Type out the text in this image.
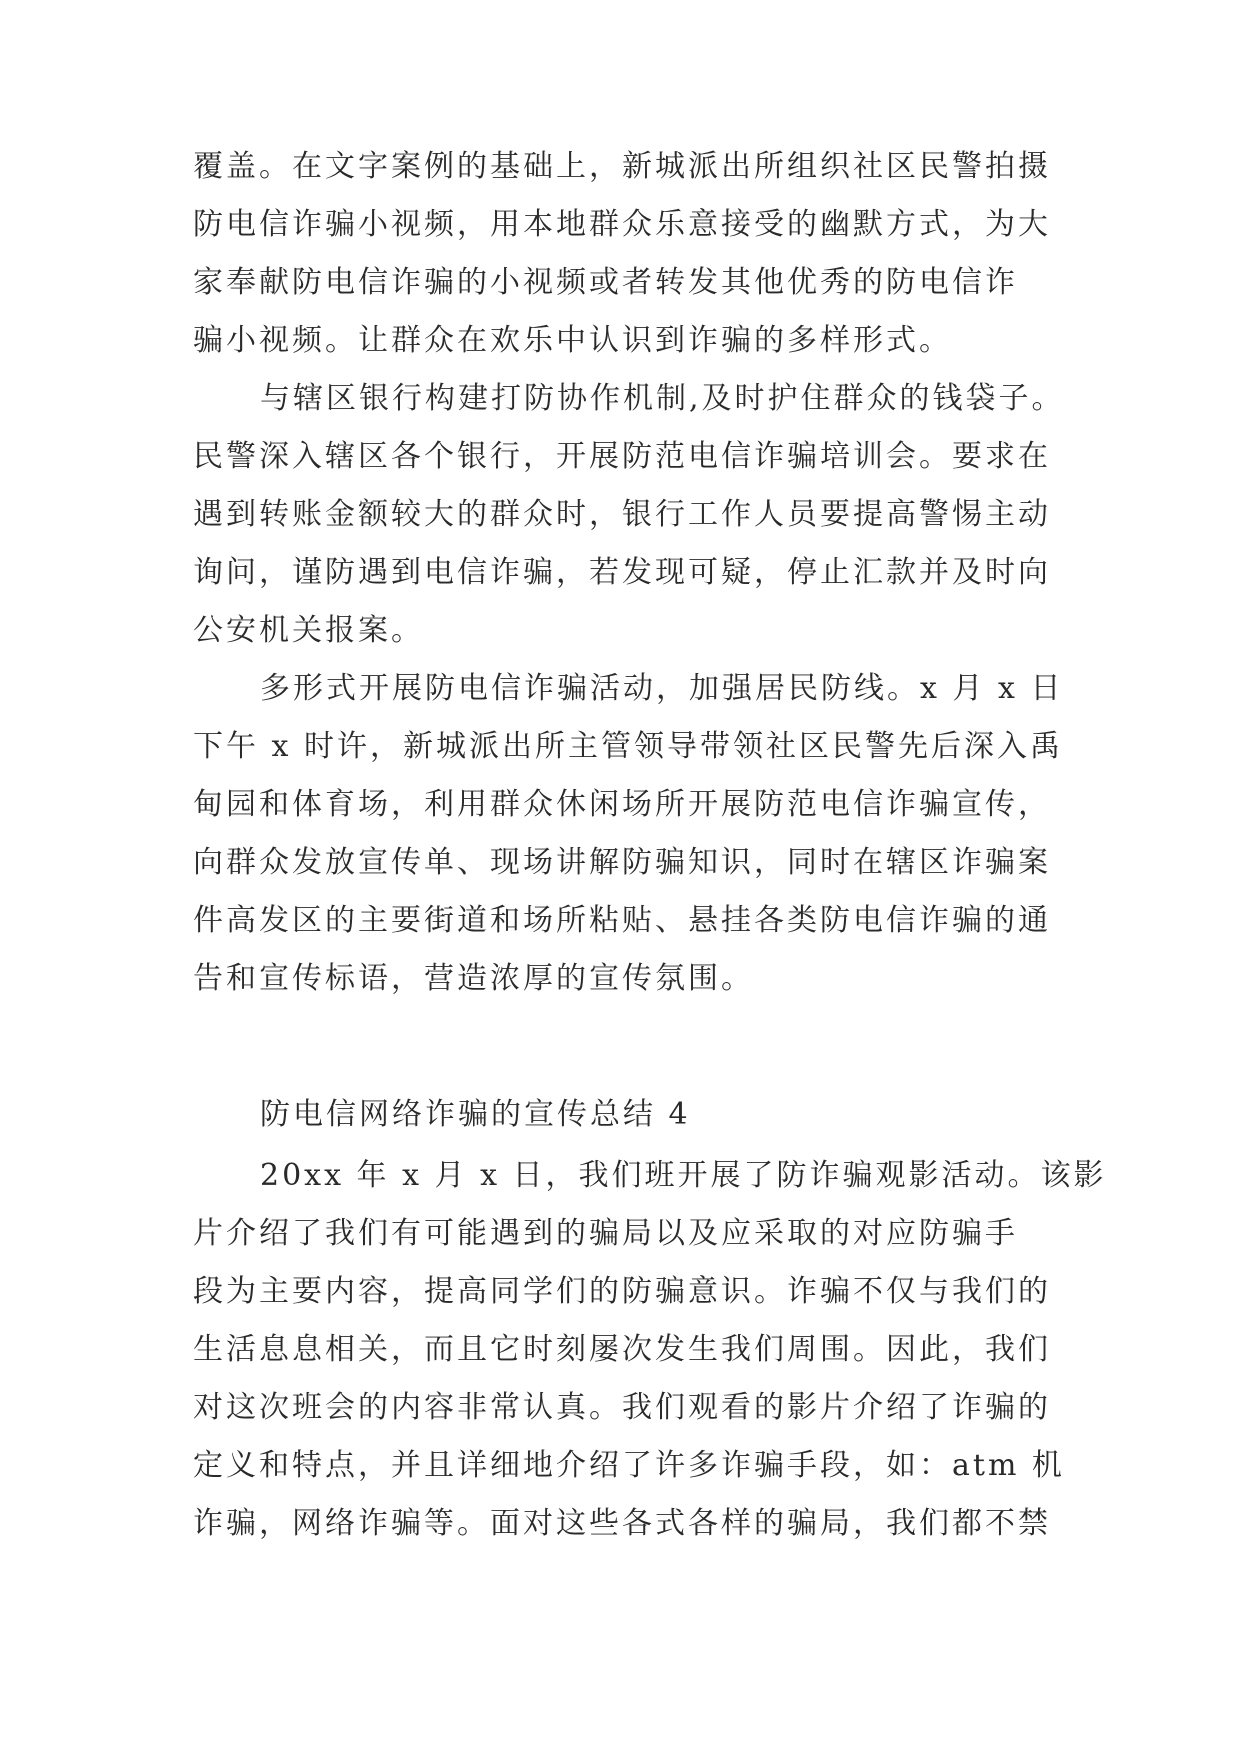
覆盖。在文字案例的基础上，新城派出所组织社区民警拍摄
防电信诈骗小视频，用本地群众乐意接受的幽默方式，为大
家奉献防电信诈骗的小视频或者转发其他优秀的防电信诈
骗小视频。让群众在欢乐中认识到诈骗的多样形式。
与辖区银行构建打防协作机制,及时护住群众的钱袋子。
民警深入辖区各个银行，开展防范电信诈骗培训会。要求在
遇到转账金额较大的群众时，银行工作人员要提高警惕主动
询问，谨防遇到电信诈骗，若发现可疑，停止汇款并及时向
公安机关报案。
多形式开展防电信诈骗活动，加强居民防线。x 月 x 日
下午 x 时许，新城派出所主管领导带领社区民警先后深入禹
甸园和体育场，利用群众休闲场所开展防范电信诈骗宣传，
向群众发放宣传单、现场讲解防骗知识，同时在辖区诈骗案
件高发区的主要街道和场所粘贴、悬挂各类防电信诈骗的通
告和宣传标语，营造浓厚的宣传氛围。
防电信网络诈骗的宣传总结 4
20xx 年 x 月 x 日，我们班开展了防诈骗观影活动。该影
片介绍了我们有可能遇到的骗局以及应采取的对应防骗手
段为主要内容，提高同学们的防骗意识。诈骗不仅与我们的
生活息息相关，而且它时刻屡次发生我们周围。因此，我们
对这次班会的内容非常认真。我们观看的影片介绍了诈骗的
定义和特点，并且详细地介绍了许多诈骗手段，如：atm 机
诈骗，网络诈骗等。面对这些各式各样的骗局，我们都不禁
